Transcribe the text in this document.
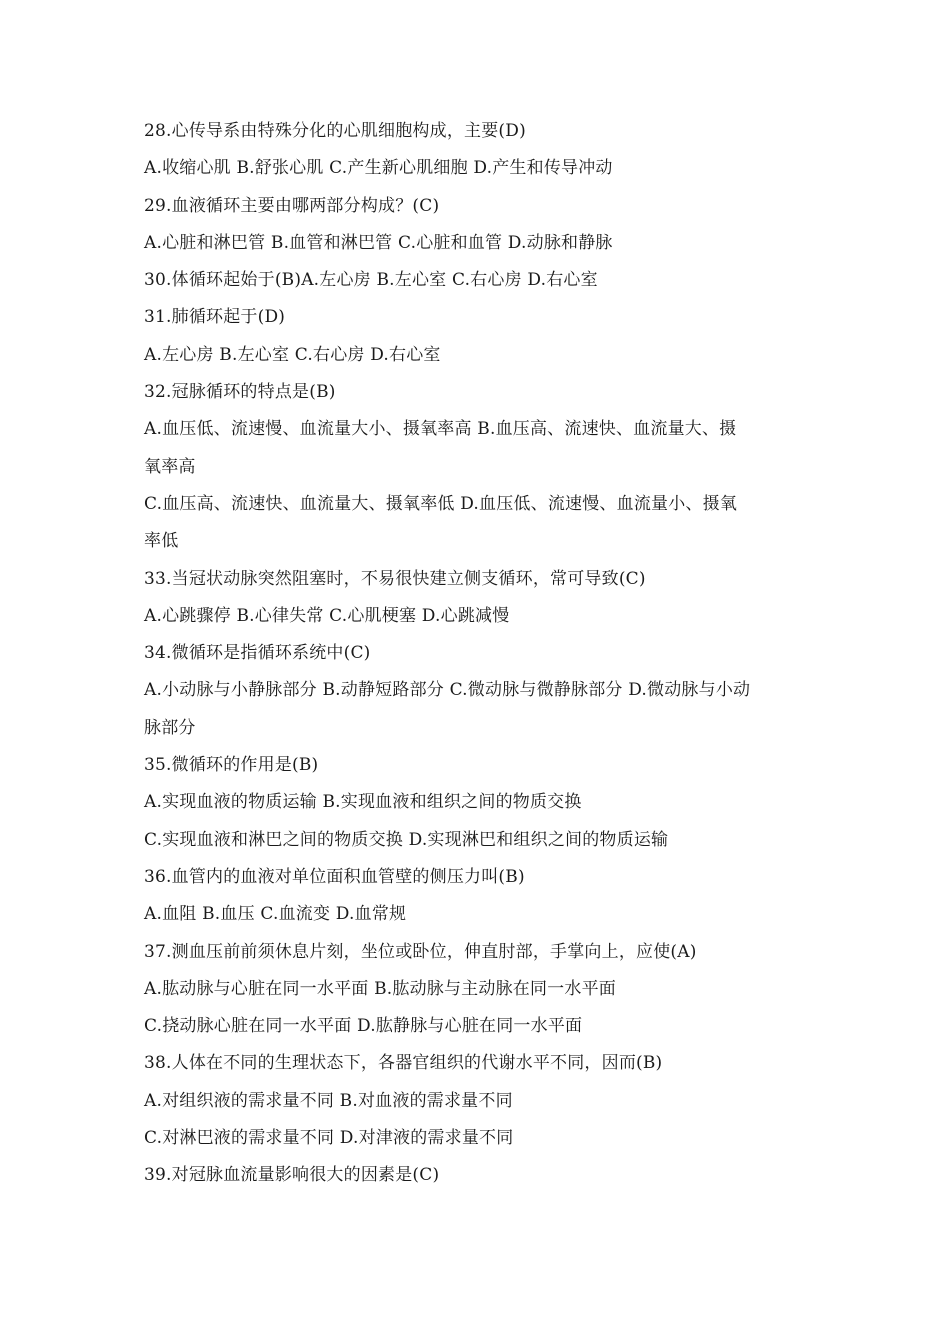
28.心传导系由特殊分化的心肌细胞构成，主要(D)
A.收缩心肌 B.舒张心肌 C.产生新心肌细胞 D.产生和传导冲动
29.血液循环主要由哪两部分构成？(C)
A.心脏和淋巴管 B.血管和淋巴管 C.心脏和血管 D.动脉和静脉
30.体循环起始于(B)A.左心房 B.左心室 C.右心房 D.右心室
31.肺循环起于(D)
A.左心房 B.左心室 C.右心房 D.右心室
32.冠脉循环的特点是(B)
A.血压低、流速慢、血流量大小、摄氧率高 B.血压高、流速快、血流量大、摄
氧率高
C.血压高、流速快、血流量大、摄氧率低 D.血压低、流速慢、血流量小、摄氧
率低
33.当冠状动脉突然阻塞时，不易很快建立侧支循环，常可导致(C)
A.心跳骤停 B.心律失常 C.心肌梗塞 D.心跳减慢
34.微循环是指循环系统中(C)
A.小动脉与小静脉部分 B.动静短路部分 C.微动脉与微静脉部分 D.微动脉与小动
脉部分
35.微循环的作用是(B)
A.实现血液的物质运输 B.实现血液和组织之间的物质交换
C.实现血液和淋巴之间的物质交换 D.实现淋巴和组织之间的物质运输
36.血管内的血液对单位面积血管壁的侧压力叫(B)
A.血阻 B.血压 C.血流变 D.血常规
37.测血压前前须休息片刻，坐位或卧位，伸直肘部，手掌向上，应使(A)
A.肱动脉与心脏在同一水平面 B.肱动脉与主动脉在同一水平面
C.挠动脉心脏在同一水平面 D.肱静脉与心脏在同一水平面
38.人体在不同的生理状态下，各器官组织的代谢水平不同，因而(B)
A.对组织液的需求量不同 B.对血液的需求量不同
C.对淋巴液的需求量不同 D.对津液的需求量不同
39.对冠脉血流量影响很大的因素是(C)
